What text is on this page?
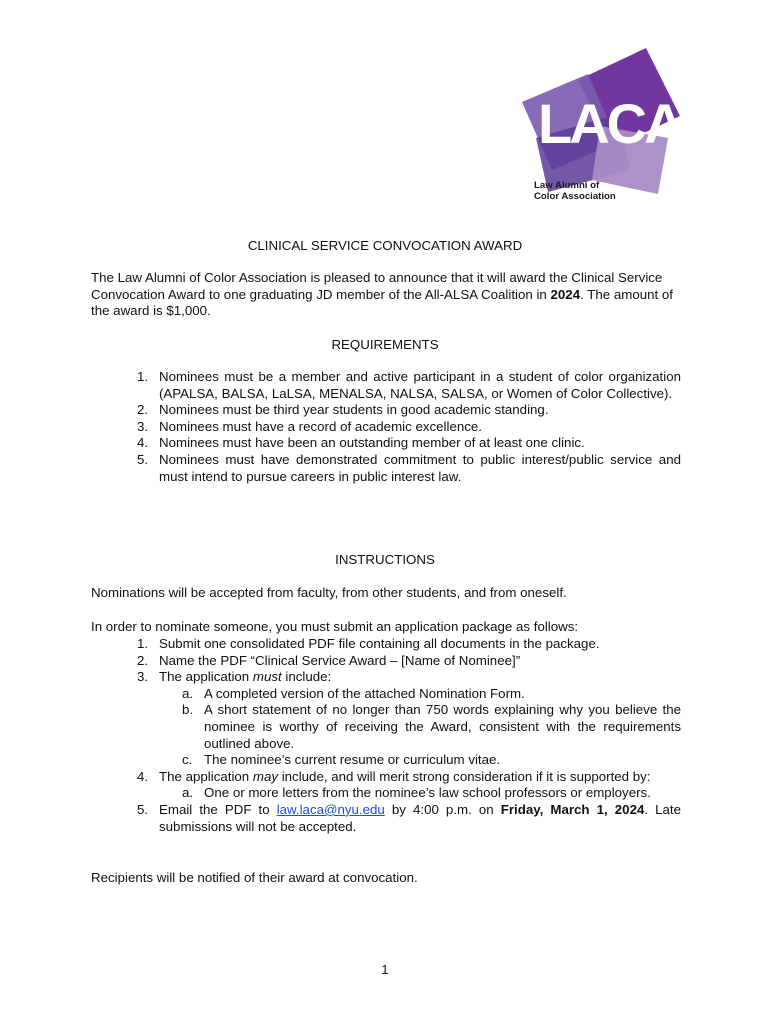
LACA
Law Alumni of
Color Association
CLINICAL SERVICE CONVOCATION AWARD
The Law Alumni of Color Association is pleased to announce that it will award the Clinical Service Convocation Award to one graduating JD member of the All-ALSA Coalition in 2024. The amount of the award is $1,000.
REQUIREMENTS
1. Nominees must be a member and active participant in a student of color organization (APALSA, BALSA, LaLSA, MENALSA, NALSA, SALSA, or Women of Color Collective).
2. Nominees must be third year students in good academic standing.
3. Nominees must have a record of academic excellence.
4. Nominees must have been an outstanding member of at least one clinic.
5. Nominees must have demonstrated commitment to public interest/public service and must intend to pursue careers in public interest law.
INSTRUCTIONS
Nominations will be accepted from faculty, from other students, and from oneself.
In order to nominate someone, you must submit an application package as follows:
1. Submit one consolidated PDF file containing all documents in the package.
2. Name the PDF “Clinical Service Award – [Name of Nominee]”
3. The application must include:
a. A completed version of the attached Nomination Form.
b. A short statement of no longer than 750 words explaining why you believe the nominee is worthy of receiving the Award, consistent with the requirements outlined above.
c. The nominee’s current resume or curriculum vitae.
4. The application may include, and will merit strong consideration if it is supported by:
a. One or more letters from the nominee’s law school professors or employers.
5. Email the PDF to law.laca@nyu.edu by 4:00 p.m. on Friday, March 1, 2024. Late submissions will not be accepted.
Recipients will be notified of their award at convocation.
1
